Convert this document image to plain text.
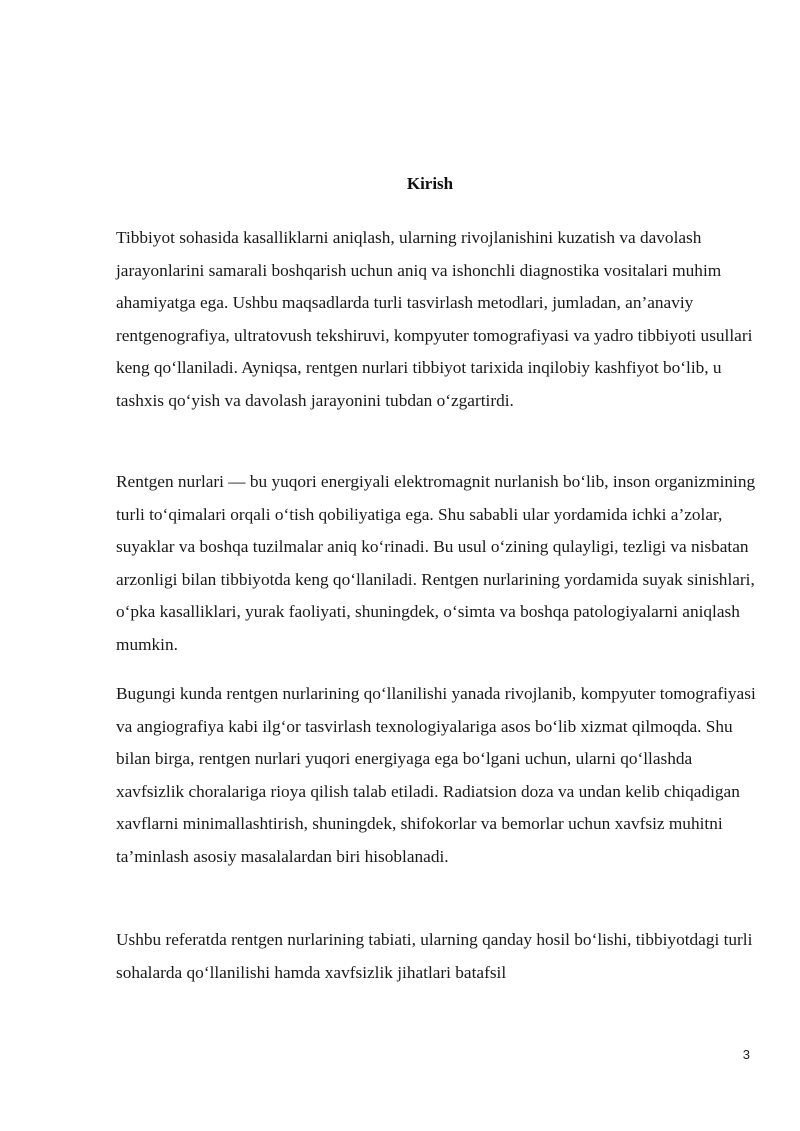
Kirish

Tibbiyot sohasida kasalliklarni aniqlash, ularning rivojlanishini kuzatish va davolash jarayonlarini samarali boshqarish uchun aniq va ishonchli diagnostika vositalari muhim ahamiyatga ega. Ushbu maqsadlarda turli tasvirlash metodlari, jumladan, an’anaviy rentgenografiya, ultratovush tekshiruvi, kompyuter tomografiyasi va yadro tibbiyoti usullari keng qo‘llaniladi. Ayniqsa, rentgen nurlari tibbiyot tarixida inqilobiy kashfiyot bo‘lib, u tashxis qo‘yish va davolash jarayonini tubdan o‘zgartirdi.

Rentgen nurlari — bu yuqori energiyali elektromagnit nurlanish bo‘lib, inson organizmining turli to‘qimalari orqali o‘tish qobiliyatiga ega. Shu sababli ular yordamida ichki a’zolar, suyaklar va boshqa tuzilmalar aniq ko‘rinadi. Bu usul o‘zining qulayligi, tezligi va nisbatan arzonligi bilan tibbiyotda keng qo‘llaniladi. Rentgen nurlarining yordamida suyak sinishlari, o‘pka kasalliklari, yurak faoliyati, shuningdek, o‘simta va boshqa patologiyalarni aniqlash mumkin.

Bugungi kunda rentgen nurlarining qo‘llanilishi yanada rivojlanib, kompyuter tomografiyasi va angiografiya kabi ilg‘or tasvirlash texnologiyalariga asos bo‘lib xizmat qilmoqda. Shu bilan birga, rentgen nurlari yuqori energiyaga ega bo‘lgani uchun, ularni qo‘llashda xavfsizlik choralariga rioya qilish talab etiladi. Radiatsion doza va undan kelib chiqadigan xavflarni minimallashtirish, shuningdek, shifokorlar va bemorlar uchun xavfsiz muhitni ta’minlash asosiy masalalardan biri hisoblanadi.

Ushbu referatda rentgen nurlarining tabiati, ularning qanday hosil bo‘lishi, tibbiyotdagi turli sohalarda qo‘llanilishi hamda xavfsizlik jihatlari batafsil

3
